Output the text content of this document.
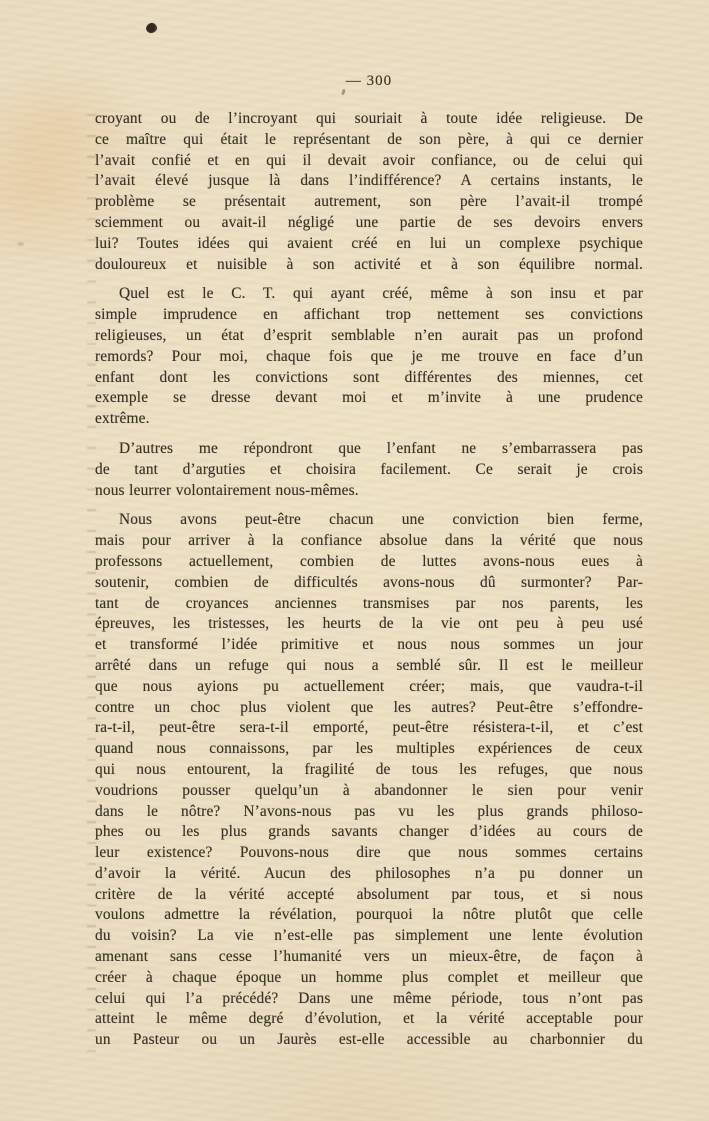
— 300
croyant ou de l’incroyant qui souriait à toute idée religieuse. De
ce maître qui était le représentant de son père, à qui ce dernier
l’avait confié et en qui il devait avoir confiance, ou de celui qui
l’avait élevé jusque là dans l’indifférence? A certains instants, le
problème se présentait autrement, son père l’avait-il trompé
sciemment ou avait-il négligé une partie de ses devoirs envers
lui? Toutes idées qui avaient créé en lui un complexe psychique
douloureux et nuisible à son activité et à son équilibre normal.
Quel est le C. T. qui ayant créé, même à son insu et par
simple imprudence en affichant trop nettement ses convictions
religieuses, un état d’esprit semblable n’en aurait pas un profond
remords? Pour moi, chaque fois que je me trouve en face d’un
enfant dont les convictions sont différentes des miennes, cet
exemple se dresse devant moi et m’invite à une prudence
extrême.
D’autres me répondront que l’enfant ne s’embarrassera pas
de tant d’arguties et choisira facilement. Ce serait je crois
nous leurrer volontairement nous-mêmes.
Nous avons peut-être chacun une conviction bien ferme,
mais pour arriver à la confiance absolue dans la vérité que nous
professons actuellement, combien de luttes avons-nous eues à
soutenir, combien de difficultés avons-nous dû surmonter? Par-
tant de croyances anciennes transmises par nos parents, les
épreuves, les tristesses, les heurts de la vie ont peu à peu usé
et transformé l’idée primitive et nous nous sommes un jour
arrêté dans un refuge qui nous a semblé sûr. Il est le meilleur
que nous ayions pu actuellement créer; mais, que vaudra-t-il
contre un choc plus violent que les autres? Peut-être s’effondre-
ra-t-il, peut-être sera-t-il emporté, peut-être résistera-t-il, et c’est
quand nous connaissons, par les multiples expériences de ceux
qui nous entourent, la fragilité de tous les refuges, que nous
voudrions pousser quelqu’un à abandonner le sien pour venir
dans le nôtre? N’avons-nous pas vu les plus grands philoso-
phes ou les plus grands savants changer d’idées au cours de
leur existence? Pouvons-nous dire que nous sommes certains
d’avoir la vérité. Aucun des philosophes n’a pu donner un
critère de la vérité accepté absolument par tous, et si nous
voulons admettre la révélation, pourquoi la nôtre plutôt que celle
du voisin? La vie n’est-elle pas simplement une lente évolution
amenant sans cesse l’humanité vers un mieux-être, de façon à
créer à chaque époque un homme plus complet et meilleur que
celui qui l’a précédé? Dans une même période, tous n’ont pas
atteint le même degré d’évolution, et la vérité acceptable pour
un Pasteur ou un Jaurès est-elle accessible au charbonnier du
